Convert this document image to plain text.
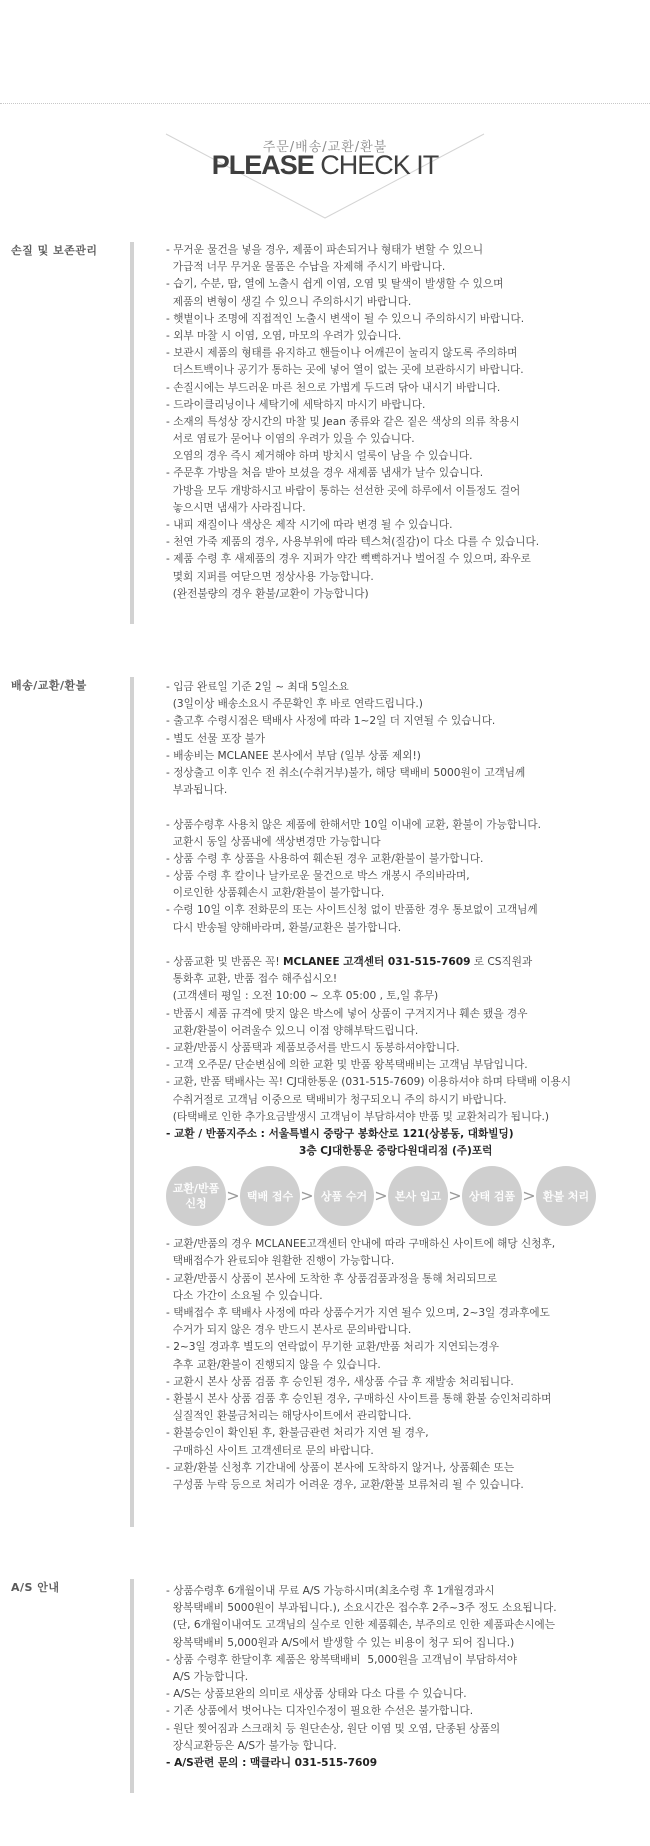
주문/배송/교환/환불
PLEASE CHECK IT
손질 및 보존관리	- 무거운 물건을 넣을 경우, 제품이 파손되거나 형태가 변할 수 있으니
가급적 너무 무거운 물품은 수납을 자제해 주시기 바랍니다.
- 습기, 수분, 땀, 열에 노출시 쉽게 이염, 오염 및 탈색이 발생할 수 있으며
제품의 변형이 생길 수 있으니 주의하시기 바랍니다.
- 햇볕이나 조명에 직접적인 노출시 변색이 될 수 있으니 주의하시기 바랍니다.
- 외부 마찰 시 이염, 오염, 마모의 우려가 있습니다.
- 보관시 제품의 형태를 유지하고 핸들이나 어깨끈이 눌리지 않도록 주의하며
더스트백이나 공기가 통하는 곳에 넣어 열이 없는 곳에 보관하시기 바랍니다.
- 손질시에는 부드러운 마른 천으로 가볍게 두드려 닦아 내시기 바랍니다.
- 드라이클리닝이나 세탁기에 세탁하지 마시기 바랍니다.
- 소재의 특성상 장시간의 마찰 및 Jean 종류와 같은 짙은 색상의 의류 착용시
서로 염료가 묻어나 이염의 우려가 있을 수 있습니다.
오염의 경우 즉시 제거해야 하며 방치시 얼룩이 남을 수 있습니다.
- 주문후 가방을 처음 받아 보셨을 경우 새제품 냄새가 날수 있습니다.
가방을 모두 개방하시고 바람이 통하는 선선한 곳에 하루에서 이틀정도 걸어
놓으시면 냄새가 사라집니다.
- 내피 재질이나 색상은 제작 시기에 따라 변경 될 수 있습니다.
- 천연 가죽 제품의 경우, 사용부위에 따라 텍스쳐(질감)이 다소 다를 수 있습니다.
- 제품 수령 후 새제품의 경우 지퍼가 약간 뻑뻑하거나 벌어질 수 있으며, 좌우로
몇회 지퍼를 여닫으면 정상사용 가능합니다.
(완전불량의 경우 환불/교환이 가능합니다)
배송/교환/환불	- 입금 완료일 기준 2일 ~ 최대 5일소요
(3일이상 배송소요시 주문확인 후 바로 연락드립니다.)
- 출고후 수령시점은 택배사 사정에 따라 1~2일 더 지연될 수 있습니다.
- 별도 선물 포장 불가
- 배송비는 MCLANEE 본사에서 부담 (일부 상품 제외!)
- 정상출고 이후 인수 전 취소(수취거부)불가, 해당 택배비 5000원이 고객님께
부과됩니다.
- 상품수령후 사용치 않은 제품에 한해서만 10일 이내에 교환, 환불이 가능합니다.
교환시 동일 상품내에 색상변경만 가능합니다
- 상품 수령 후 상품을 사용하여 훼손된 경우 교환/환불이 불가합니다.
- 상품 수령 후 칼이나 날카로운 물건으로 박스 개봉시 주의바라며,
이로인한 상품훼손시 교환/환불이 불가합니다.
- 수령 10일 이후 전화문의 또는 사이트신청 없이 반품한 경우 통보없이 고객님께
다시 반송될 양해바라며, 환불/교환은 불가합니다.
- 상품교환 및 반품은 꼭! MCLANEE 고객센터 031-515-7609 로 CS직원과
통화후 교환, 반품 접수 해주십시오!
(고객센터 평일 : 오전 10:00 ~ 오후 05:00 , 토,일 휴무)
- 반품시 제품 규격에 맞지 않은 박스에 넣어 상품이 구겨지거나 훼손 됐을 경우
교환/환불이 어려울수 있으니 이점 양해부탁드립니다.
- 교환/반품시 상품택과 제품보증서를 반드시 동봉하셔야합니다.
- 고객 오주문/ 단순변심에 의한 교환 및 반품 왕복택배비는 고객님 부담입니다.
- 교환, 반품 택배사는 꼭! CJ대한통운 (031-515-7609) 이용하셔야 하며 타택배 이용시
수취거절로 고객님 이중으로 택배비가 청구되오니 주의 하시기 바랍니다.
(타택배로 인한 추가요금발생시 고객님이 부담하셔야 반품 및 교환처리가 됩니다.)
- 교환 / 반품지주소 : 서울특별시 중랑구 봉화산로 121(상봉동, 대화빌딩)
3층 CJ대한통운 중랑다원대리점 (주)포럭
교환/반품 신청	> 택배 접수 > 상품 수거 > 본사 입고 > 상태 검품 > 환불 처리
- 교환/반품의 경우 MCLANEE고객센터 안내에 따라 구매하신 사이트에 해당 신청후,
택배접수가 완료되야 원활한 진행이 가능합니다.
- 교환/반품시 상품이 본사에 도착한 후 상품검품과정을 통해 처리되므로
다소 가간이 소요될 수 있습니다.
- 택배접수 후 택배사 사정에 따라 상품수거가 지연 될수 있으며, 2~3일 경과후에도
수거가 되지 않은 경우 반드시 본사로 문의바랍니다.
- 2~3일 경과후 별도의 연락없이 무기한 교환/반품 처리가 지연되는경우
추후 교환/환불이 진행되지 않을 수 있습니다.
- 교환시 본사 상품 검품 후 승인된 경우, 새상품 수급 후 재발송 처리됩니다.
- 환불시 본사 상품 검품 후 승인된 경우, 구매하신 사이트를 통해 환불 승인처리하며
실질적인 환불금처리는 해당사이트에서 관리합니다.
- 환불승인이 확인된 후, 환불금관련 처리가 지연 될 경우,
구매하신 사이트 고객센터로 문의 바랍니다.
- 교환/환불 신청후 기간내에 상품이 본사에 도착하지 않거나, 상품훼손 또는
구성품 누락 등으로 처리가 어려운 경우, 교환/환불 보류처리 될 수 있습니다.
A/S 안내	- 상품수령후 6개월이내 무료 A/S 가능하시며(최초수령 후 1개월경과시
왕복택배비 5000원이 부과됩니다.), 소요시간은 접수후 2주~3주 정도 소요됩니다.
(단, 6개월이내여도 고객님의 실수로 인한 제품훼손, 부주의로 인한 제품파손시에는
왕복택배비 5,000원과 A/S에서 발생할 수 있는 비용이 청구 되어 집니다.)
- 상품 수령후 한달이후 제품은 왕복택배비  5,000원을 고객님이 부담하셔야
A/S 가능합니다.
- A/S는 상품보완의 의미로 새상품 상태와 다소 다를 수 있습니다.
- 기존 상품에서 벗어나는 디자인수정이 필요한 수선은 불가합니다.
- 원단 찢어짐과 스크래치 등 원단손상, 원단 이염 및 오염, 단종된 상품의
장식교환등은 A/S가 불가능 합니다.
- A/S관련 문의 : 맥클라니 031-515-7609
